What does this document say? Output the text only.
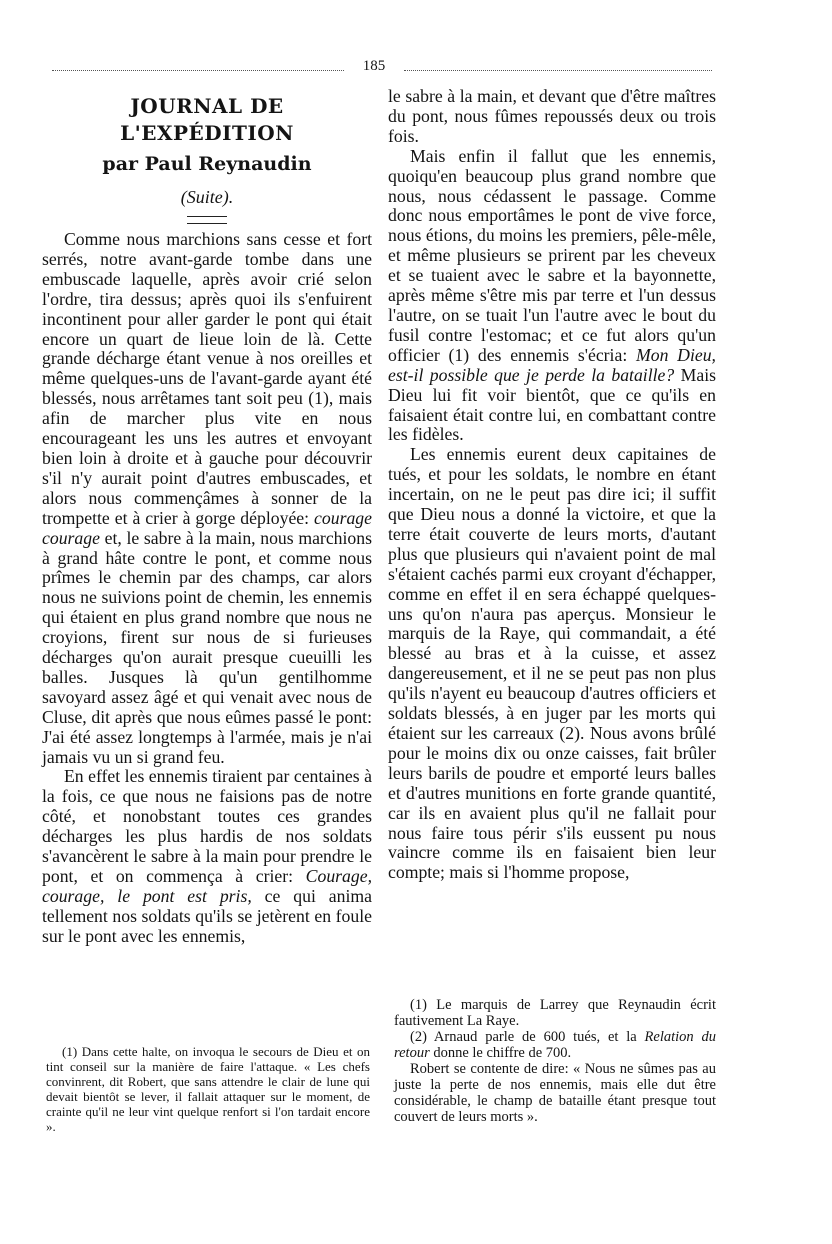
185
JOURNAL DE L'EXPÉDITION
par Paul Reynaudin
(Suite).

Comme nous marchions sans cesse et fort serrés, notre avant-garde tombe dans une embuscade laquelle, après avoir crié selon l'ordre, tira dessus; après quoi ils s'enfuirent incontinent pour aller garder le pont qui était encore un quart de lieue loin de là. Cette grande décharge étant venue à nos oreilles et même quelques-uns de l'avant-garde ayant été blessés, nous arrêtames tant soit peu (1), mais afin de marcher plus vite en nous encourageant les uns les autres et envoyant bien loin à droite et à gauche pour découvrir s'il n'y aurait point d'autres embuscades, et alors nous commençâmes à sonner de la trompette et à crier à gorge déployée: courage courage et, le sabre à la main, nous marchions à grand hâte contre le pont, et comme nous prîmes le chemin par des champs, car alors nous ne suivions point de chemin, les ennemis qui étaient en plus grand nombre que nous ne croyions, firent sur nous de si furieuses décharges qu'on aurait presque cueuilli les balles. Jusques là qu'un gentilhomme savoyard assez âgé et qui venait avec nous de Cluse, dit après que nous eûmes passé le pont: J'ai été assez longtemps à l'armée, mais je n'ai jamais vu un si grand feu.

En effet les ennemis tiraient par centaines à la fois, ce que nous ne faisions pas de notre côté, et nonobstant toutes ces grandes décharges les plus hardis de nos soldats s'avancèrent le sabre à la main pour prendre le pont, et on commença à crier: Courage, courage, le pont est pris, ce qui anima tellement nos soldats qu'ils se jetèrent en foule sur le pont avec les ennemis,

(1) Dans cette halte, on invoqua le secours de Dieu et on tint conseil sur la manière de faire l'attaque. « Les chefs convinrent, dit Robert, que sans attendre le clair de lune qui devait bientôt se lever, il fallait attaquer sur le moment, de crainte qu'il ne leur vint quelque renfort si l'on tardait encore ».

le sabre à la main, et devant que d'être maîtres du pont, nous fûmes repoussés deux ou trois fois.

Mais enfin il fallut que les ennemis, quoiqu'en beaucoup plus grand nombre que nous, nous cédassent le passage. Comme donc nous emportâmes le pont de vive force, nous étions, du moins les premiers, pêle-mêle, et même plusieurs se prirent par les cheveux et se tuaient avec le sabre et la bayonnette, après même s'être mis par terre et l'un dessus l'autre, on se tuait l'un l'autre avec le bout du fusil contre l'estomac; et ce fut alors qu'un officier (1) des ennemis s'écria: Mon Dieu, est-il possible que je perde la bataille? Mais Dieu lui fit voir bientôt, que ce qu'ils en faisaient était contre lui, en combattant contre les fidèles.

Les ennemis eurent deux capitaines de tués, et pour les soldats, le nombre en étant incertain, on ne le peut pas dire ici; il suffit que Dieu nous a donné la victoire, et que la terre était couverte de leurs morts, d'autant plus que plusieurs qui n'avaient point de mal s'étaient cachés parmi eux croyant d'échapper, comme en effet il en sera échappé quelques-uns qu'on n'aura pas aperçus. Monsieur le marquis de la Raye, qui commandait, a été blessé au bras et à la cuisse, et assez dangereusement, et il ne se peut pas non plus qu'ils n'ayent eu beaucoup d'autres officiers et soldats blessés, à en juger par les morts qui étaient sur les carreaux (2). Nous avons brûlé pour le moins dix ou onze caisses, fait brûler leurs barils de poudre et emporté leurs balles et d'autres munitions en forte grande quantité, car ils en avaient plus qu'il ne fallait pour nous faire tous périr s'ils eussent pu nous vaincre comme ils en faisaient bien leur compte; mais si l'homme propose,

(1) Le marquis de Larrey que Reynaudin écrit fautivement La Raye.

(2) Arnaud parle de 600 tués, et la Relation du retour donne le chiffre de 700.

Robert se contente de dire: « Nous ne sûmes pas au juste la perte de nos ennemis, mais elle dut être considérable, le champ de bataille étant presque tout couvert de leurs morts ».
